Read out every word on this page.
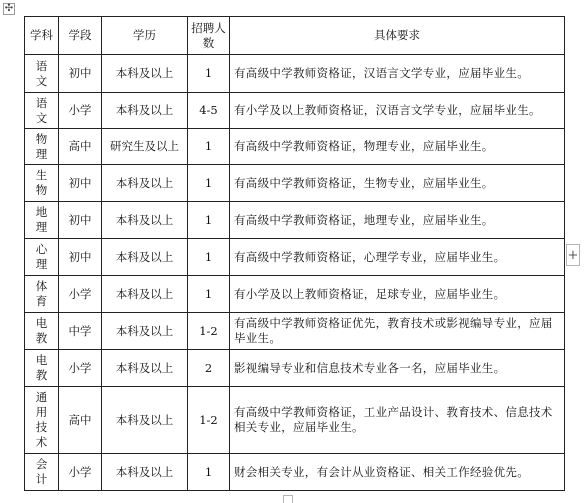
✣
学科	学段	学历	招聘人数	具体要求

语
文	初中	本科及以上	1	有高级中学教师资格证，汉语言文学专业，应届毕业生。

语
文	小学	本科及以上	4-5	有小学及以上教师资格证，汉语言文学专业，应届毕业生。

物
理	高中	研究生及以上	1	有高级中学教师资格证，物理专业，应届毕业生。

生
物	初中	本科及以上	1	有高级中学教师资格证，生物专业，应届毕业生。

地
理	初中	本科及以上	1	有高级中学教师资格证，地理专业，应届毕业生。

心
理	初中	本科及以上	1	有高级中学教师资格证，心理学专业，应届毕业生。

体
育	小学	本科及以上	1	有小学及以上教师资格证，足球专业，应届毕业生。

电
教	中学	本科及以上	1-2	有高级中学教师资格证优先，教育技术或影视编导专业，应届毕业生。

电
教	小学	本科及以上	2	影视编导专业和信息技术专业各一名，应届毕业生。

通
用
技
术	高中	本科及以上	1-2	有高级中学教师资格证，工业产品设计、教育技术、信息技术相关专业，应届毕业生。

会
计	小学	本科及以上	1	财会相关专业，有会计从业资格证、相关工作经验优先。
+
